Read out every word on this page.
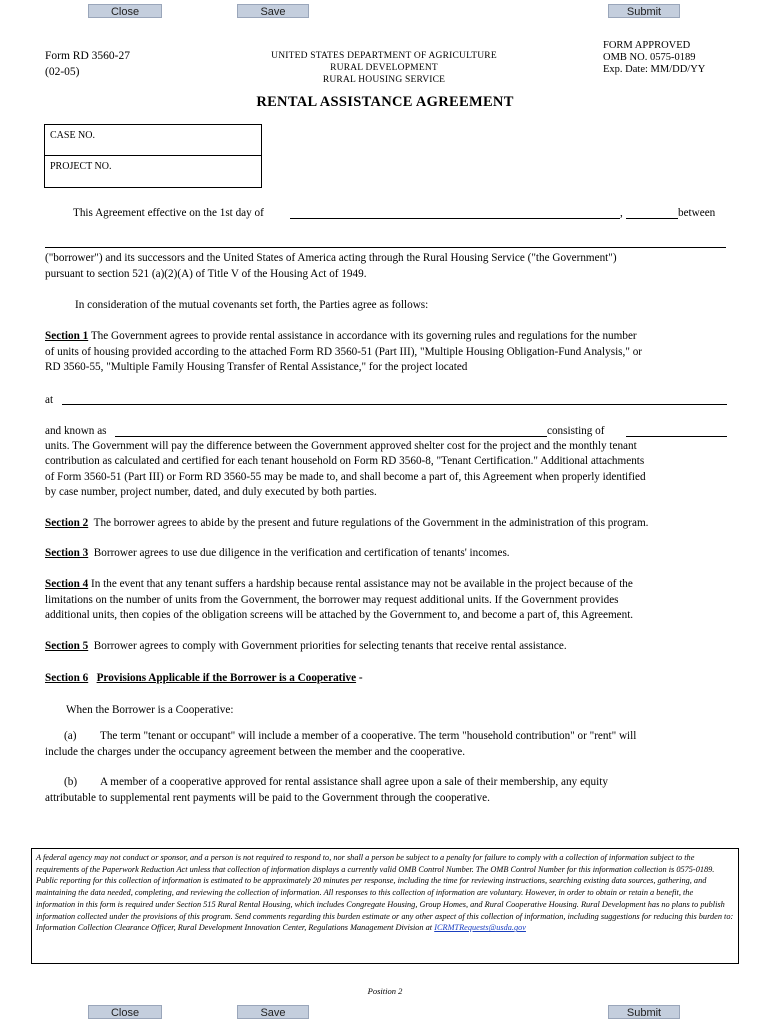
Close	Save	Submit
Form RD 3560-27
(02-05)
UNITED STATES DEPARTMENT OF AGRICULTURE
RURAL DEVELOPMENT
RURAL HOUSING SERVICE
FORM APPROVED
OMB NO. 0575-0189
Exp. Date: MM/DD/YY
RENTAL ASSISTANCE AGREEMENT
CASE NO.
PROJECT NO.
This Agreement effective on the 1st day of	,	between
("borrower") and its successors and the United States of America acting through the Rural Housing Service ("the Government")
pursuant to section 521 (a)(2)(A) of Title V of the Housing Act of 1949.
In consideration of the mutual covenants set forth, the Parties agree as follows:
Section 1 The Government agrees to provide rental assistance in accordance with its governing rules and regulations for the number
of units of housing provided according to the attached Form RD 3560-51 (Part III), "Multiple Housing Obligation-Fund Analysis," or
RD 3560-55, "Multiple Family Housing Transfer of Rental Assistance," for the project located
at
and known as	consisting of
units. The Government will pay the difference between the Government approved shelter cost for the project and the monthly tenant
contribution as calculated and certified for each tenant household on Form RD 3560-8, "Tenant Certification." Additional attachments
of Form 3560-51 (Part III) or Form RD 3560-55 may be made to, and shall become a part of, this Agreement when properly identified
by case number, project number, dated, and duly executed by both parties.
Section 2 The borrower agrees to abide by the present and future regulations of the Government in the administration of this program.
Section 3 Borrower agrees to use due diligence in the verification and certification of tenants' incomes.
Section 4 In the event that any tenant suffers a hardship because rental assistance may not be available in the project because of the
limitations on the number of units from the Government, the borrower may request additional units. If the Government provides
additional units, then copies of the obligation screens will be attached by the Government to, and become a part of, this Agreement.
Section 5 Borrower agrees to comply with Government priorities for selecting tenants that receive rental assistance.
Section 6 Provisions Applicable if the Borrower is a Cooperative -
When the Borrower is a Cooperative:
(a) The term "tenant or occupant" will include a member of a cooperative. The term "household contribution" or "rent" will
include the charges under the occupancy agreement between the member and the cooperative.
(b) A member of a cooperative approved for rental assistance shall agree upon a sale of their membership, any equity
attributable to supplemental rent payments will be paid to the Government through the cooperative.
A federal agency may not conduct or sponsor, and a person is not required to respond to, nor shall a person be subject to a penalty for failure to comply with a collection of information subject to the requirements of the Paperwork Reduction Act unless that collection of information displays a currently valid OMB Control Number. The OMB Control Number for this information collection is 0575-0189. Public reporting for this collection of information is estimated to be approximately 20 minutes per response, including the time for reviewing instructions, searching existing data sources, gathering, and maintaining the data needed, completing, and reviewing the collection of information. All responses to this collection of information are voluntary. However, in order to obtain or retain a benefit, the information in this form is required under Section 515 Rural Rental Housing, which includes Congregate Housing, Group Homes, and Rural Cooperative Housing. Rural Development has no plans to publish information collected under the provisions of this program. Send comments regarding this burden estimate or any other aspect of this collection of information, including suggestions for reducing this burden to: Information Collection Clearance Officer, Rural Development Innovation Center, Regulations Management Division at ICRMTRequests@usda.gov
Position 2
Close	Save	Submit
